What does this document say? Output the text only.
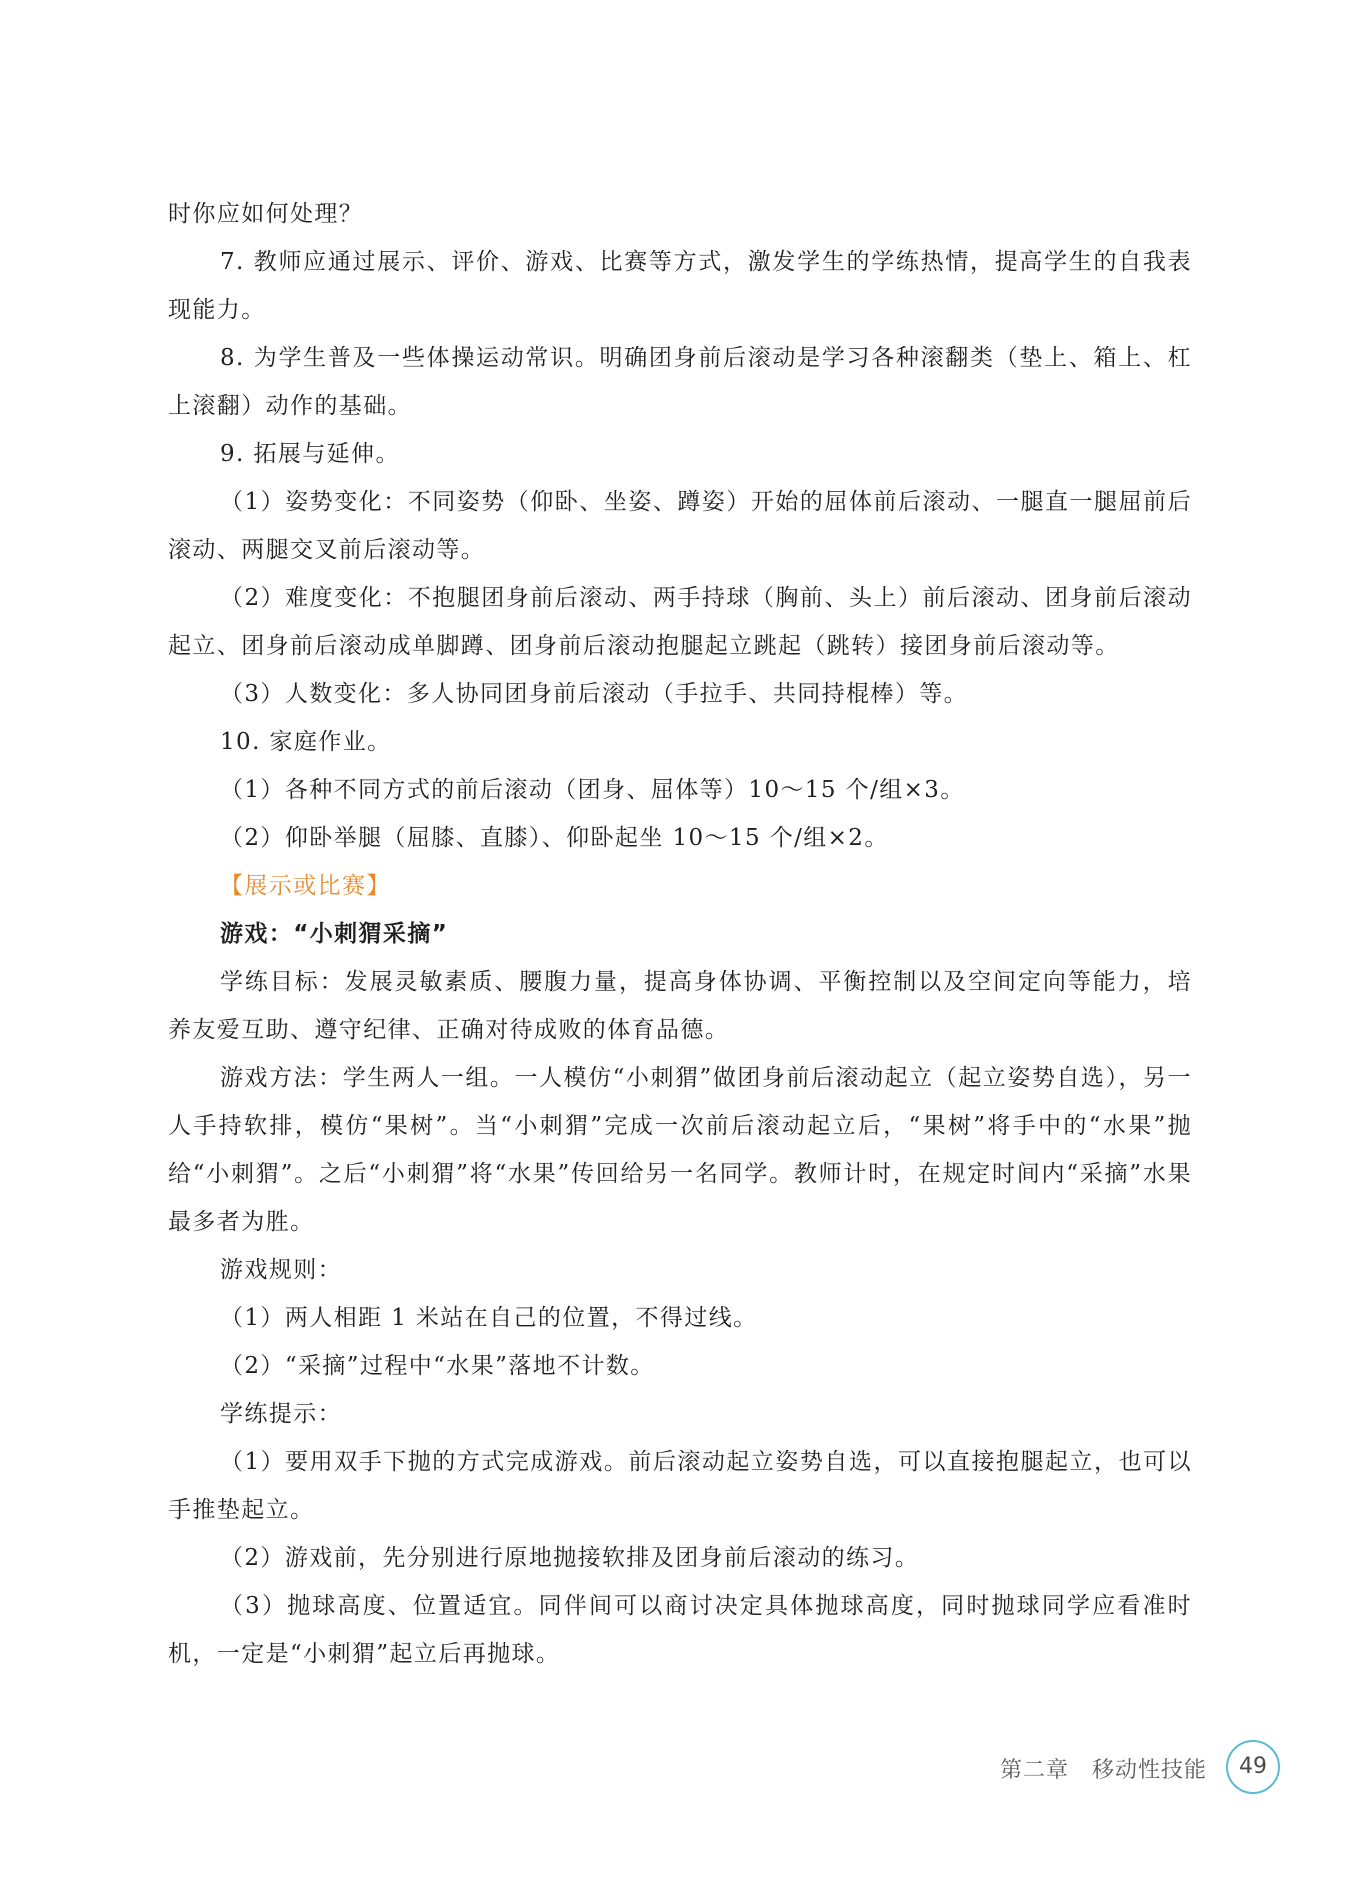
时你应如何处理？

7. 教师应通过展示、评价、游戏、比赛等方式，激发学生的学练热情，提高学生的自我表现能力。

8. 为学生普及一些体操运动常识。明确团身前后滚动是学习各种滚翻类（垫上、箱上、杠上滚翻）动作的基础。

9. 拓展与延伸。

（1）姿势变化：不同姿势（仰卧、坐姿、蹲姿）开始的屈体前后滚动、一腿直一腿屈前后滚动、两腿交叉前后滚动等。

（2）难度变化：不抱腿团身前后滚动、两手持球（胸前、头上）前后滚动、团身前后滚动起立、团身前后滚动成单脚蹲、团身前后滚动抱腿起立跳起（跳转）接团身前后滚动等。

（3）人数变化：多人协同团身前后滚动（手拉手、共同持棍棒）等。

10. 家庭作业。

（1）各种不同方式的前后滚动（团身、屈体等）10～15 个/组×3。

（2）仰卧举腿（屈膝、直膝）、仰卧起坐 10～15 个/组×2。

【展示或比赛】

游戏：“小刺猬采摘”

学练目标：发展灵敏素质、腰腹力量，提高身体协调、平衡控制以及空间定向等能力，培养友爱互助、遵守纪律、正确对待成败的体育品德。

游戏方法：学生两人一组。一人模仿“小刺猬”做团身前后滚动起立（起立姿势自选），另一人手持软排，模仿“果树”。当“小刺猬”完成一次前后滚动起立后，“果树”将手中的“水果”抛给“小刺猬”。之后“小刺猬”将“水果”传回给另一名同学。教师计时，在规定时间内“采摘”水果最多者为胜。

游戏规则：

（1）两人相距 1 米站在自己的位置，不得过线。

（2）“采摘”过程中“水果”落地不计数。

学练提示：

（1）要用双手下抛的方式完成游戏。前后滚动起立姿势自选，可以直接抱腿起立，也可以手推垫起立。

（2）游戏前，先分别进行原地抛接软排及团身前后滚动的练习。

（3）抛球高度、位置适宜。同伴间可以商讨决定具体抛球高度，同时抛球同学应看准时机，一定是“小刺猬”起立后再抛球。

第二章　移动性技能	49
